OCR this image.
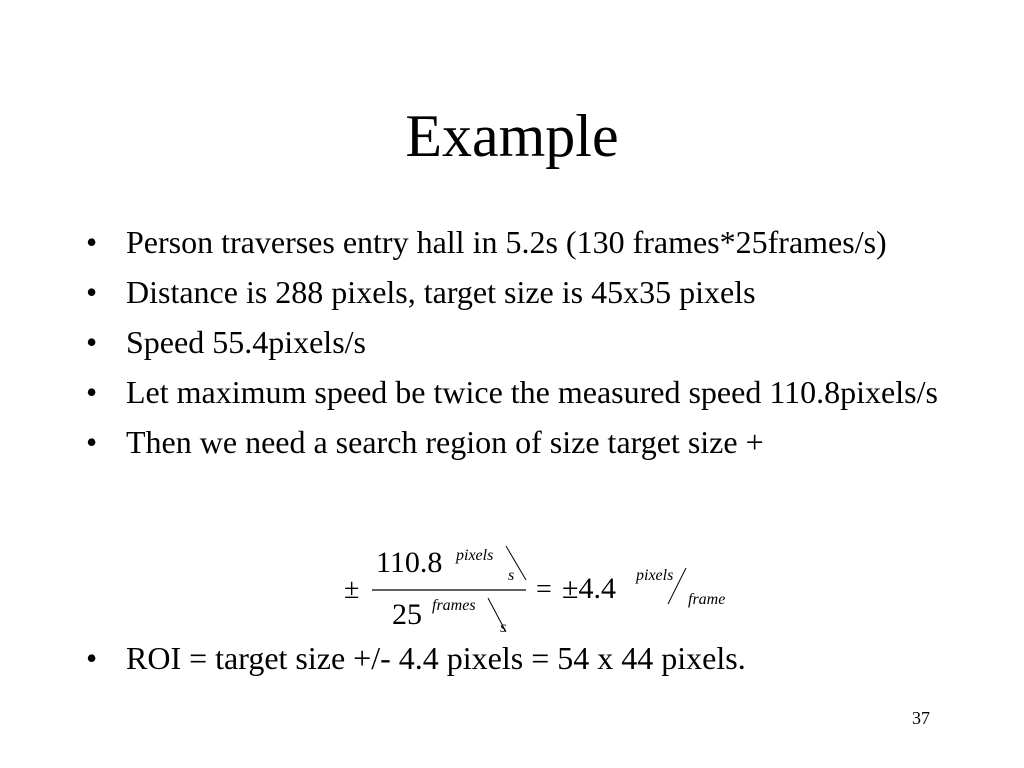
Example
• Person traverses entry hall in 5.2s (130 frames*25frames/s)
• Distance is 288 pixels, target size is 45x35 pixels
• Speed 55.4pixels/s
• Let maximum speed be twice the measured speed 110.8pixels/s
• Then we need a search region of size target size +
±
110.8 pixels
s
25 frames
s
= ±4.4 pixels
frame
• ROI = target size +/- 4.4 pixels = 54 x 44 pixels.
37
